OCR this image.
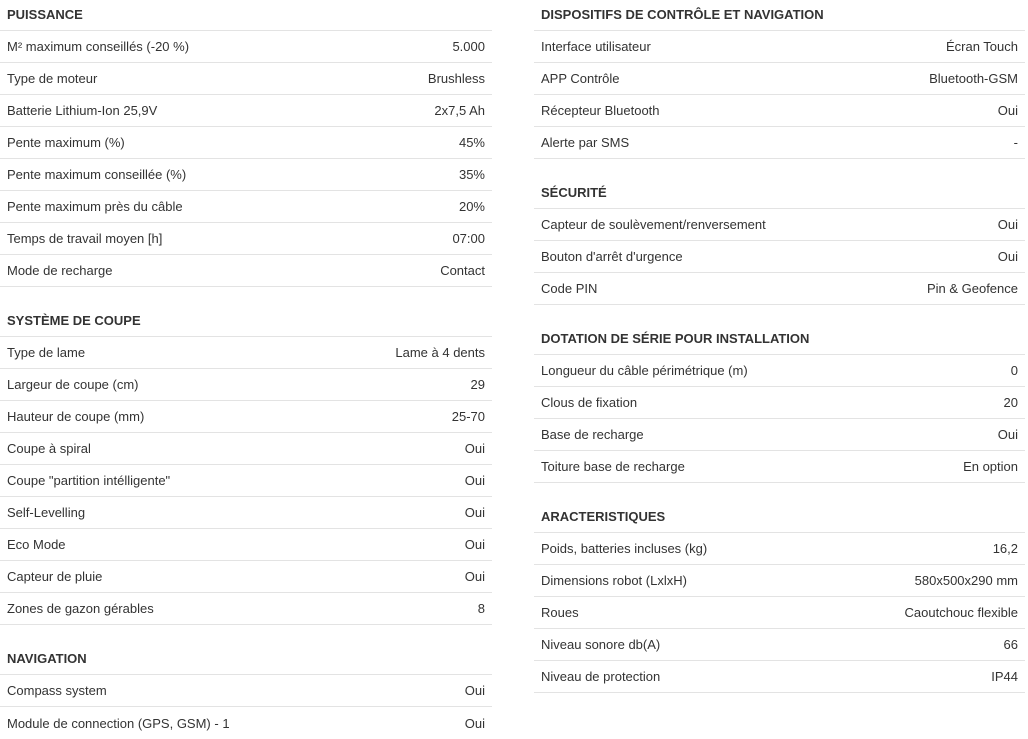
PUISSANCE
M² maximum conseillés (-20 %)	5.000
Type de moteur	Brushless
Batterie Lithium-Ion 25,9V	2x7,5 Ah
Pente maximum (%)	45%
Pente maximum conseillée (%)	35%
Pente maximum près du câble	20%
Temps de travail moyen [h]	07:00
Mode de recharge	Contact
SYSTÈME DE COUPE
Type de lame	Lame à 4 dents
Largeur de coupe (cm)	29
Hauteur de coupe (mm)	25-70
Coupe à spiral	Oui
Coupe "partition intélligente"	Oui
Self-Levelling	Oui
Eco Mode	Oui
Capteur de pluie	Oui
Zones de gazon gérables	8
NAVIGATION
Compass system	Oui
Module de connection (GPS, GSM) - 1	Oui
DISPOSITIFS DE CONTRÔLE ET NAVIGATION
Interface utilisateur	Écran Touch
APP Contrôle	Bluetooth-GSM
Récepteur Bluetooth	Oui
Alerte par SMS	-
SÉCURITÉ
Capteur de soulèvement/renversement	Oui
Bouton d'arrêt d'urgence	Oui
Code PIN	Pin & Geofence
DOTATION DE SÉRIE POUR INSTALLATION
Longueur du câble périmétrique (m)	0
Clous de fixation	20
Base de recharge	Oui
Toiture base de recharge	En option
ARACTERISTIQUES
Poids, batteries incluses (kg)	16,2
Dimensions robot (LxlxH)	580x500x290 mm
Roues	Caoutchouc flexible
Niveau sonore db(A)	66
Niveau de protection	IP44
